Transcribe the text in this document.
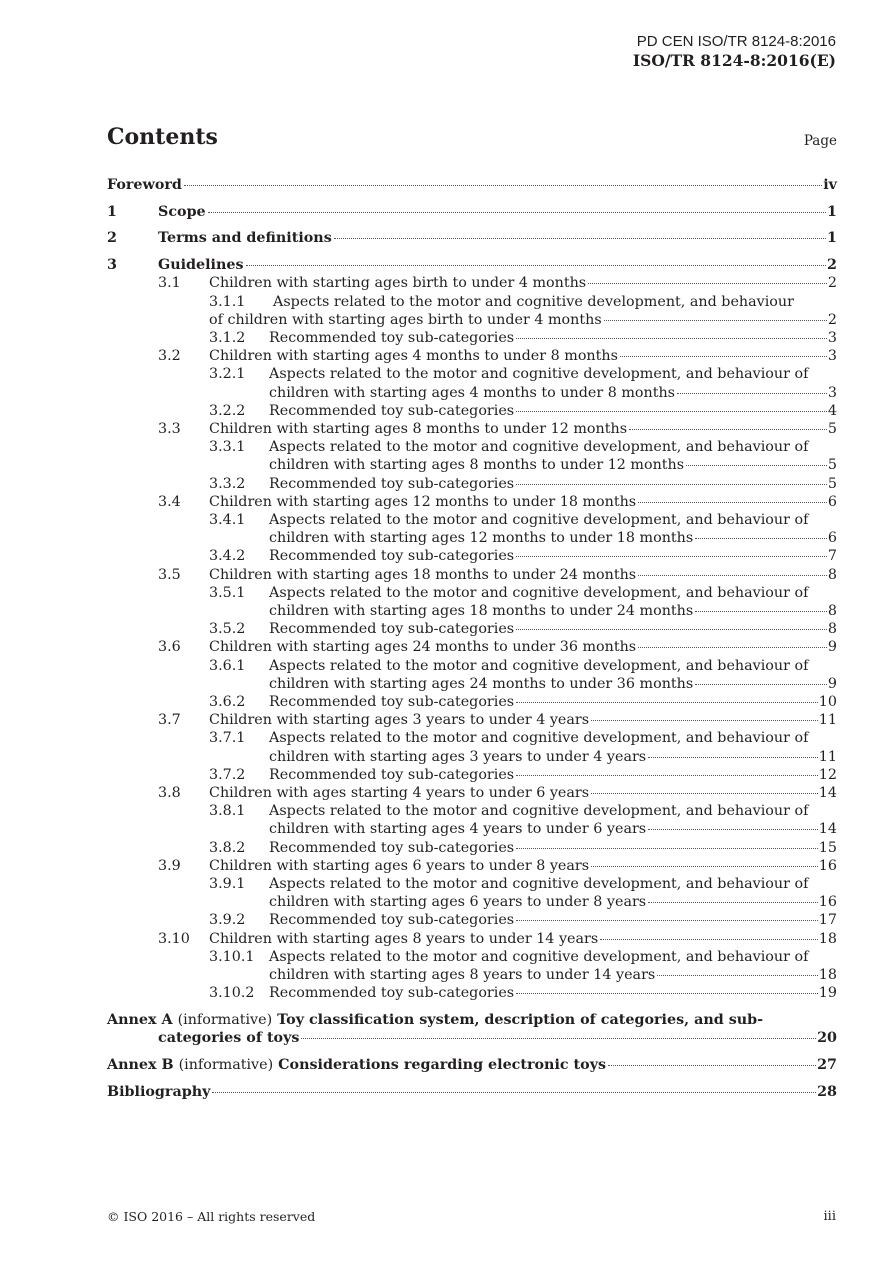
PD CEN ISO/TR 8124-8:2016
ISO/TR 8124-8:2016(E)
Contents	Page
Foreword	iv
1	Scope	1
2	Terms and definitions	1
3	Guidelines	2
3.1	Children with starting ages birth to under 4 months	2
3.1.1	Aspects related to the motor and cognitive development, and behaviour
of children with starting ages birth to under 4 months	2
3.1.2	Recommended toy sub-categories	3
3.2	Children with starting ages 4 months to under 8 months	3
3.2.1	Aspects related to the motor and cognitive development, and behaviour of
children with starting ages 4 months to under 8 months	3
3.2.2	Recommended toy sub-categories	4
3.3	Children with starting ages 8 months to under 12 months	5
3.3.1	Aspects related to the motor and cognitive development, and behaviour of
children with starting ages 8 months to under 12 months	5
3.3.2	Recommended toy sub-categories	5
3.4	Children with starting ages 12 months to under 18 months	6
3.4.1	Aspects related to the motor and cognitive development, and behaviour of
children with starting ages 12 months to under 18 months	6
3.4.2	Recommended toy sub-categories	7
3.5	Children with starting ages 18 months to under 24 months	8
3.5.1	Aspects related to the motor and cognitive development, and behaviour of
children with starting ages 18 months to under 24 months	8
3.5.2	Recommended toy sub-categories	8
3.6	Children with starting ages 24 months to under 36 months	9
3.6.1	Aspects related to the motor and cognitive development, and behaviour of
children with starting ages 24 months to under 36 months	9
3.6.2	Recommended toy sub-categories	10
3.7	Children with starting ages 3 years to under 4 years	11
3.7.1	Aspects related to the motor and cognitive development, and behaviour of
children with starting ages 3 years to under 4 years	11
3.7.2	Recommended toy sub-categories	12
3.8	Children with ages starting 4 years to under 6 years	14
3.8.1	Aspects related to the motor and cognitive development, and behaviour of
children with starting ages 4 years to under 6 years	14
3.8.2	Recommended toy sub-categories	15
3.9	Children with starting ages 6 years to under 8 years	16
3.9.1	Aspects related to the motor and cognitive development, and behaviour of
children with starting ages 6 years to under 8 years	16
3.9.2	Recommended toy sub-categories	17
3.10	Children with starting ages 8 years to under 14 years	18
3.10.1	Aspects related to the motor and cognitive development, and behaviour of
children with starting ages 8 years to under 14 years	18
3.10.2	Recommended toy sub-categories	19
Annex A (informative) Toy classification system, description of categories, and sub-
categories of toys	20
Annex B (informative) Considerations regarding electronic toys	27
Bibliography	28
© ISO 2016 – All rights reserved	iii
